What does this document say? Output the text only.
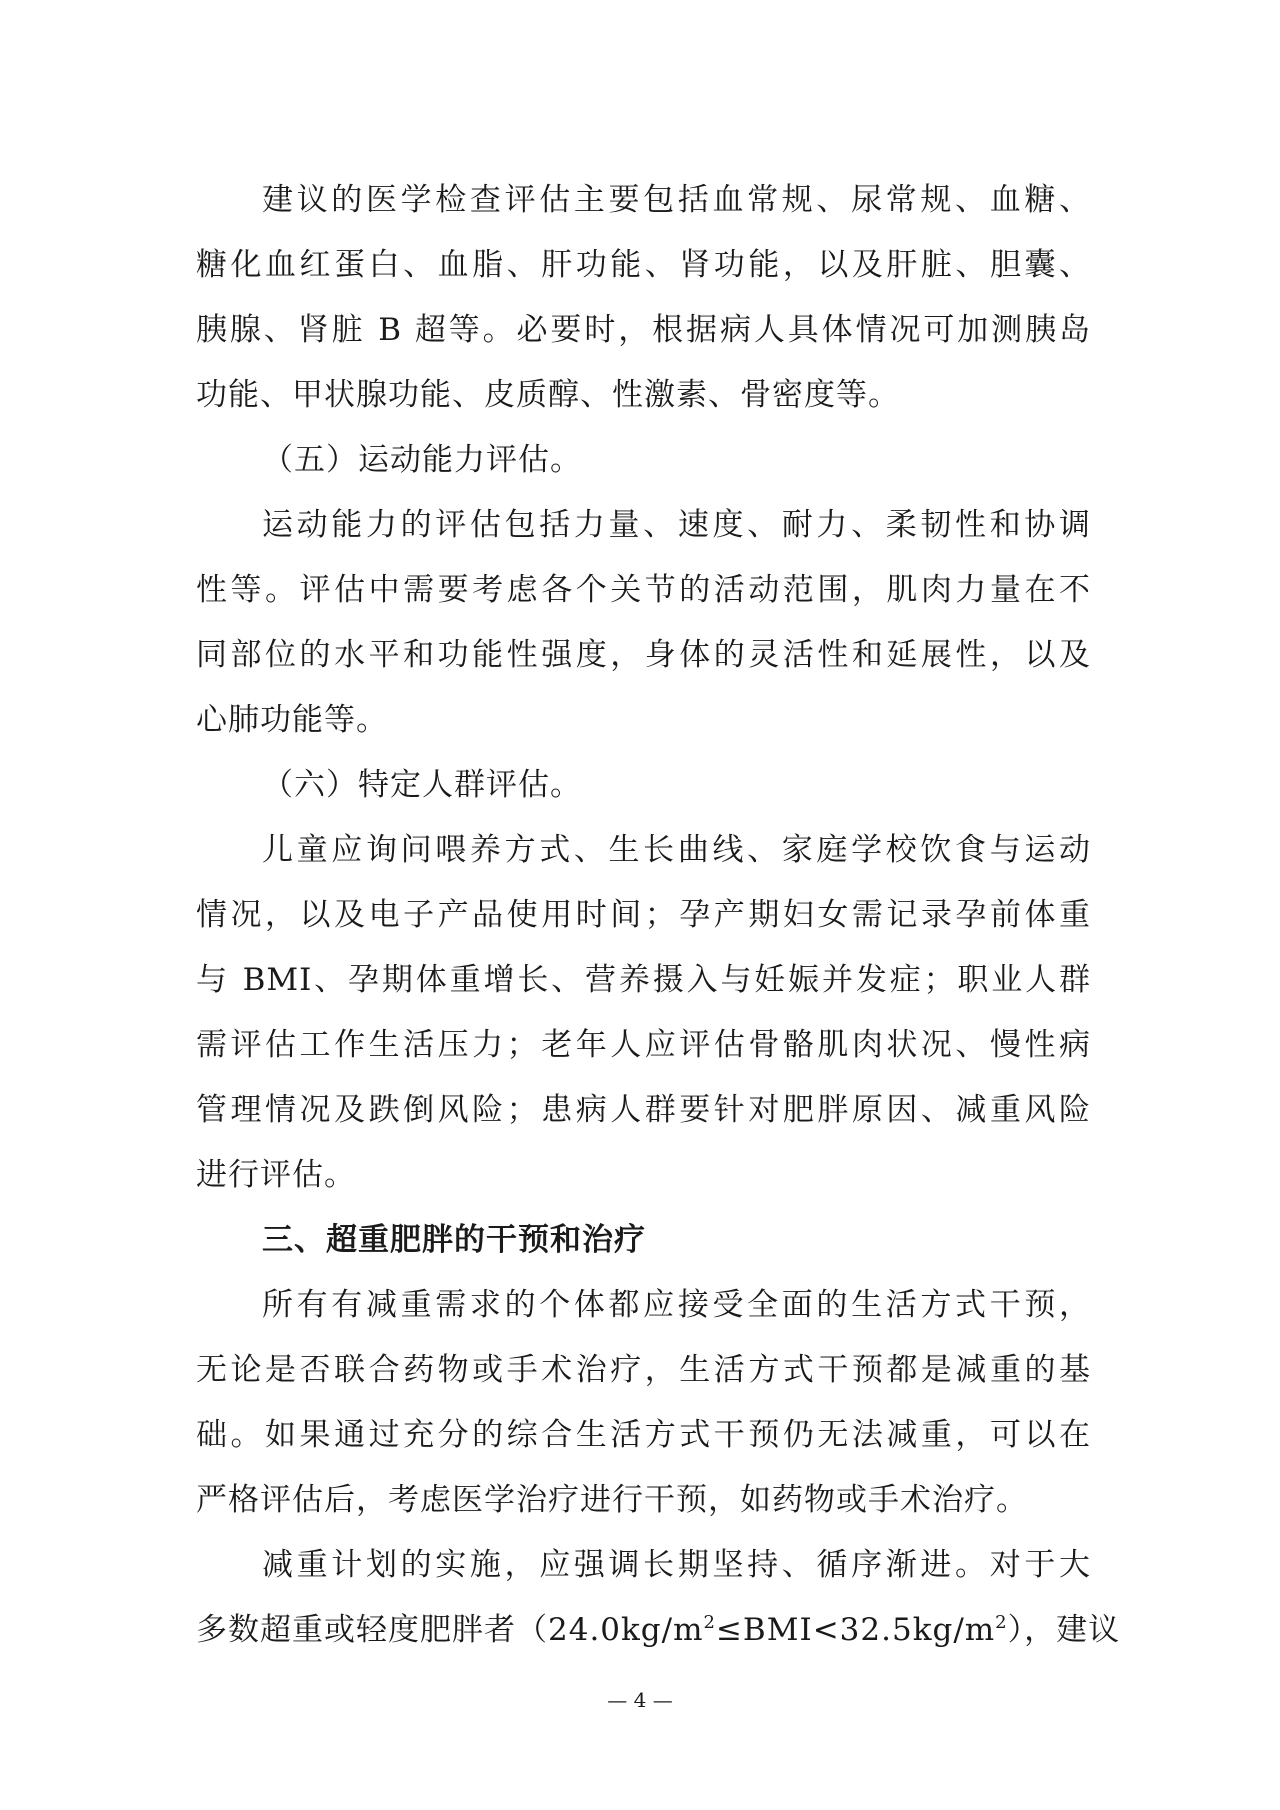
建议的医学检查评估主要包括血常规、尿常规、血糖、
糖化血红蛋白、血脂、肝功能、肾功能，以及肝脏、胆囊、
胰腺、肾脏 B 超等。必要时，根据病人具体情况可加测胰岛
功能、甲状腺功能、皮质醇、性激素、骨密度等。
（五）运动能力评估。
运动能力的评估包括力量、速度、耐力、柔韧性和协调
性等。评估中需要考虑各个关节的活动范围，肌肉力量在不
同部位的水平和功能性强度，身体的灵活性和延展性，以及
心肺功能等。
（六）特定人群评估。
儿童应询问喂养方式、生长曲线、家庭学校饮食与运动
情况，以及电子产品使用时间；孕产期妇女需记录孕前体重
与 BMI、孕期体重增长、营养摄入与妊娠并发症；职业人群
需评估工作生活压力；老年人应评估骨骼肌肉状况、慢性病
管理情况及跌倒风险；患病人群要针对肥胖原因、减重风险
进行评估。
三、超重肥胖的干预和治疗
所有有减重需求的个体都应接受全面的生活方式干预，
无论是否联合药物或手术治疗，生活方式干预都是减重的基
础。如果通过充分的综合生活方式干预仍无法减重，可以在
严格评估后，考虑医学治疗进行干预，如药物或手术治疗。
减重计划的实施，应强调长期坚持、循序渐进。对于大
多数超重或轻度肥胖者$(24.0kg/m^2\le BMI<32.5kg/m^2)$，建议
— 4 —
